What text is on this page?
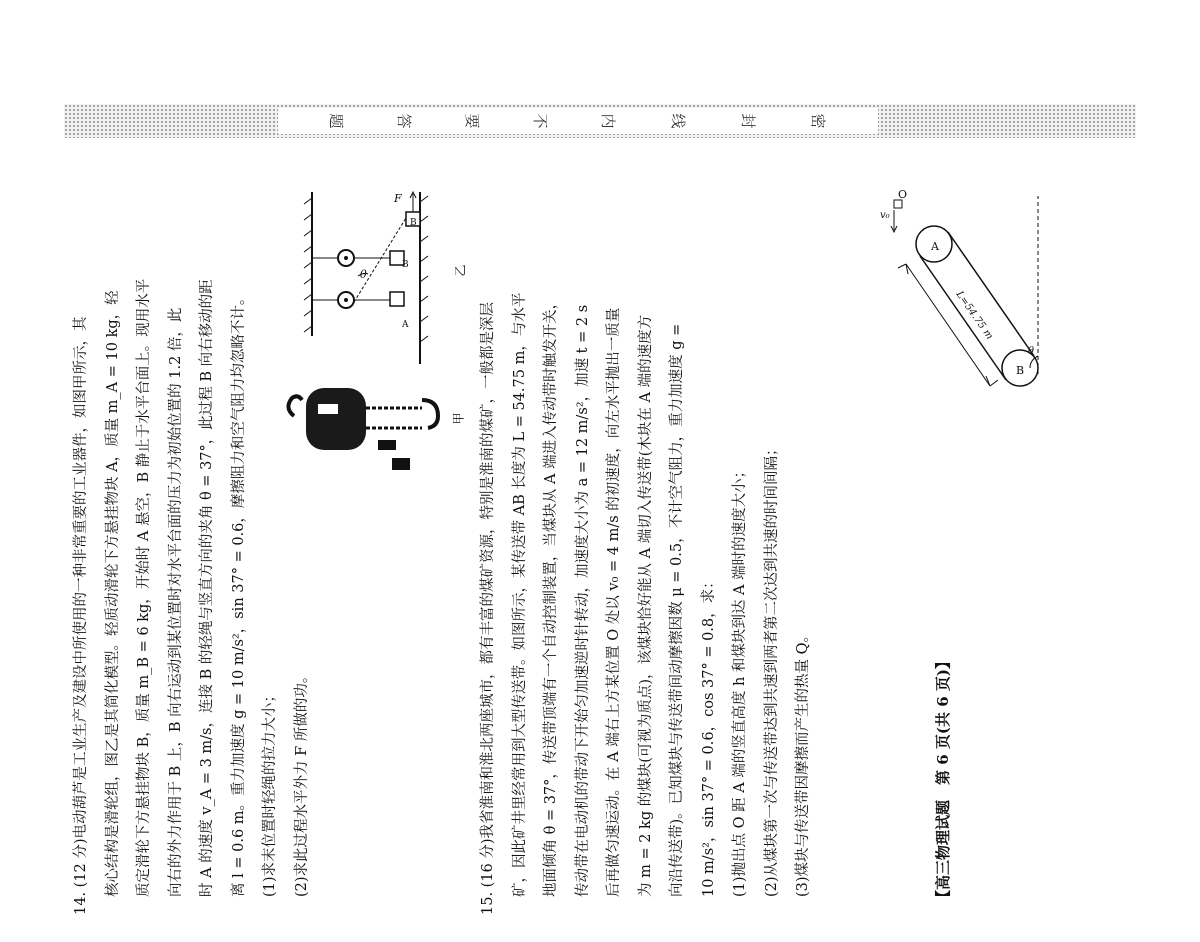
密
封
线
内
不
要
答
题

14. (12 分)电动葫芦是工业生产及建设中所使用的一种非常重要的工业器件，如图甲所示，其	核心结构是滑轮组，图乙是其简化模型。轻质动滑轮下方悬挂物块 A，质量 m_A = 10 kg，轻	质定滑轮下方悬挂物块 B，质量 m_B = 6 kg，开始时 A 悬空，B 静止于水平台面上。现用水平	向右的外力作用于 B 上，B 向右运动到某位置时对水平台面的压力为初始位置的 1.2 倍，此	时 A 的速度 v_A = 3 m/s，连接 B 的轻绳与竖直方向的夹角 θ = 37°，此过程 B 向右移动的距	离 l = 0.6 m。重力加速度 g = 10 m/s²，sin 37° = 0.6，摩擦阻力和空气阻力均忽略不计。	(1)求末位置时轻绳的拉力大小；	(2)求此过程水平外力 F 所做的功。	15. (16 分)我省淮南和淮北两座城市，都有丰富的煤矿资源，特别是淮南的煤矿，一般都是深层	矿，因此矿井里经常用到大型传送带。如图所示，某传送带 AB 长度为 L = 54.75 m，与水平	地面倾角 θ = 37°，传送带顶端有一个自动控制装置，当煤块从 A 端进入传动带时触发开关，	传动带在电动机的带动下开始匀加速逆时针转动，加速度大小为 a = 12 m/s²，加速 t = 2 s	后再做匀速运动。在 A 端右上方某位置 O 处以 v₀ = 4 m/s 的初速度，向左水平抛出一质量	为 m = 2 kg 的煤块(可视为质点)，该煤块恰好能从 A 端切入传送带(木块在 A 端的速度方	向沿传送带)。已知煤块与传送带间动摩擦因数 μ = 0.5，不计空气阻力，重力加速度 g =	10 m/s²，sin 37° = 0.6，cos 37° = 0.8，求：	(1)抛出点 O 距 A 端的竖直高度 h 和煤块到达 A 端时的速度大小；	(2)从煤块第一次与传送带达到共速到两者第二次达到共速的时间间隔；	(3)煤块与传送带因摩擦而产生的热量 Q。	【高三物理试题　第 6 页(共 6 页)】
甲
A
B
B
F
θ	乙
A
B
O
v₀
L=54.75 m
θ
